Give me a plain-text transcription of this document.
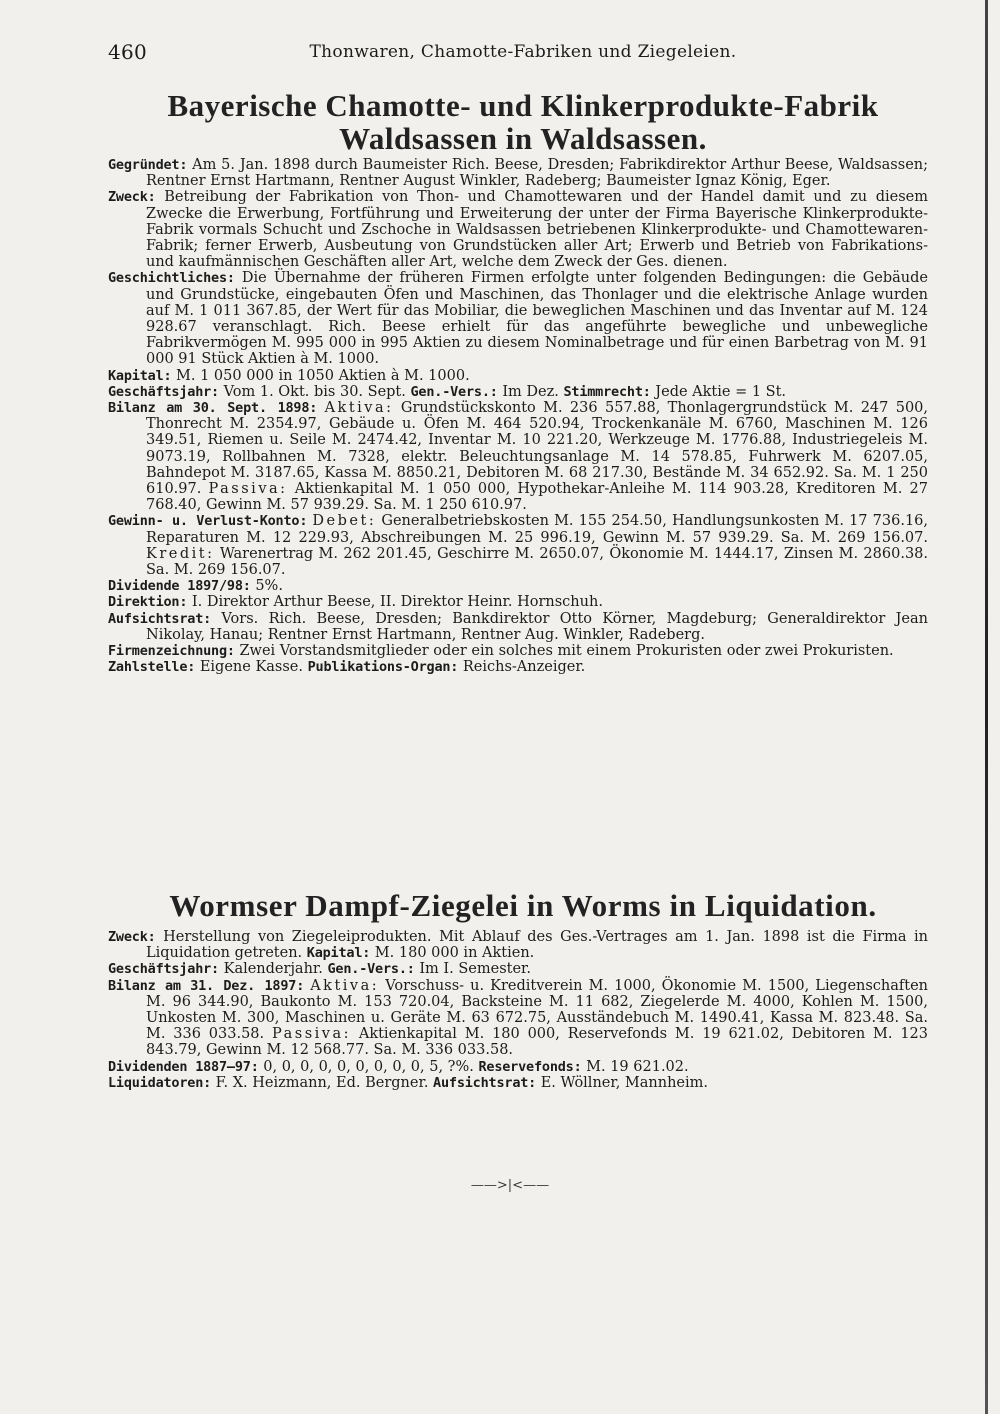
460	Thonwaren, Chamotte-Fabriken und Ziegeleien.
Bayerische Chamotte- und Klinkerprodukte-Fabrik
Waldsassen in Waldsassen.

Gegründet: Am 5. Jan. 1898 durch Baumeister Rich. Beese, Dresden; Fabrikdirektor Arthur Beese, Waldsassen; Rentner Ernst Hartmann, Rentner August Winkler, Radeberg; Baumeister Ignaz König, Eger.

Zweck: Betreibung der Fabrikation von Thon- und Chamottewaren und der Handel damit und zu diesem Zwecke die Erwerbung, Fortführung und Erweiterung der unter der Firma Bayerische Klinkerprodukte-Fabrik vormals Schucht und Zschoche in Waldsassen betriebenen Klinkerprodukte- und Chamottewaren-Fabrik; ferner Erwerb, Ausbeutung von Grundstücken aller Art; Erwerb und Betrieb von Fabrikations- und kaufmännischen Geschäften aller Art, welche dem Zweck der Ges. dienen.

Geschichtliches: Die Übernahme der früheren Firmen erfolgte unter folgenden Bedingungen: die Gebäude und Grundstücke, eingebauten Öfen und Maschinen, das Thonlager und die elektrische Anlage wurden auf M. 1 011 367.85, der Wert für das Mobiliar, die beweglichen Maschinen und das Inventar auf M. 124 928.67 veranschlagt. Rich. Beese erhielt für das angeführte bewegliche und unbewegliche Fabrikvermögen M. 995 000 in 995 Aktien zu diesem Nominalbetrage und für einen Barbetrag von M. 91 000 91 Stück Aktien à M. 1000.

Kapital: M. 1 050 000 in 1050 Aktien à M. 1000.

Geschäftsjahr: Vom 1. Okt. bis 30. Sept. Gen.-Vers.: Im Dez. Stimmrecht: Jede Aktie = 1 St.

Bilanz am 30. Sept. 1898: Aktiva: Grundstückskonto M. 236 557.88, Thonlagergrundstück M. 247 500, Thonrecht M. 2354.97, Gebäude u. Öfen M. 464 520.94, Trockenkanäle M. 6760, Maschinen M. 126 349.51, Riemen u. Seile M. 2474.42, Inventar M. 10 221.20, Werkzeuge M. 1776.88, Industriegeleis M. 9073.19, Rollbahnen M. 7328, elektr. Beleuchtungsanlage M. 14 578.85, Fuhrwerk M. 6207.05, Bahndepot M. 3187.65, Kassa M. 8850.21, Debitoren M. 68 217.30, Bestände M. 34 652.92. Sa. M. 1 250 610.97. Passiva: Aktienkapital M. 1 050 000, Hypothekar-Anleihe M. 114 903.28, Kreditoren M. 27 768.40, Gewinn M. 57 939.29. Sa. M. 1 250 610.97.

Gewinn- u. Verlust-Konto: Debet: Generalbetriebskosten M. 155 254.50, Handlungsunkosten M. 17 736.16, Reparaturen M. 12 229.93, Abschreibungen M. 25 996.19, Gewinn M. 57 939.29. Sa. M. 269 156.07. Kredit: Warenertrag M. 262 201.45, Geschirre M. 2650.07, Ökonomie M. 1444.17, Zinsen M. 2860.38. Sa. M. 269 156.07.

Dividende 1897/98: 5%.

Direktion: I. Direktor Arthur Beese, II. Direktor Heinr. Hornschuh.

Aufsichtsrat: Vors. Rich. Beese, Dresden; Bankdirektor Otto Körner, Magdeburg; Generaldirektor Jean Nikolay, Hanau; Rentner Ernst Hartmann, Rentner Aug. Winkler, Radeberg.

Firmenzeichnung: Zwei Vorstandsmitglieder oder ein solches mit einem Prokuristen oder zwei Prokuristen.

Zahlstelle: Eigene Kasse. Publikations-Organ: Reichs-Anzeiger.

Wormser Dampf-Ziegelei in Worms in Liquidation.

Zweck: Herstellung von Ziegeleiprodukten. Mit Ablauf des Ges.-Vertrages am 1. Jan. 1898 ist die Firma in Liquidation getreten. Kapital: M. 180 000 in Aktien.

Geschäftsjahr: Kalenderjahr. Gen.-Vers.: Im I. Semester.

Bilanz am 31. Dez. 1897: Aktiva: Vorschuss- u. Kreditverein M. 1000, Ökonomie M. 1500, Liegenschaften M. 96 344.90, Baukonto M. 153 720.04, Backsteine M. 11 682, Ziegelerde M. 4000, Kohlen M. 1500, Unkosten M. 300, Maschinen u. Geräte M. 63 672.75, Ausständebuch M. 1490.41, Kassa M. 823.48. Sa. M. 336 033.58. Passiva: Aktienkapital M. 180 000, Reservefonds M. 19 621.02, Debitoren M. 123 843.79, Gewinn M. 12 568.77. Sa. M. 336 033.58.

Dividenden 1887—97: 0, 0, 0, 0, 0, 0, 0, 0, 0, 5, ?%. Reservefonds: M. 19 621.02.

Liquidatoren: F. X. Heizmann, Ed. Bergner. Aufsichtsrat: E. Wöllner, Mannheim.

——>|<——
